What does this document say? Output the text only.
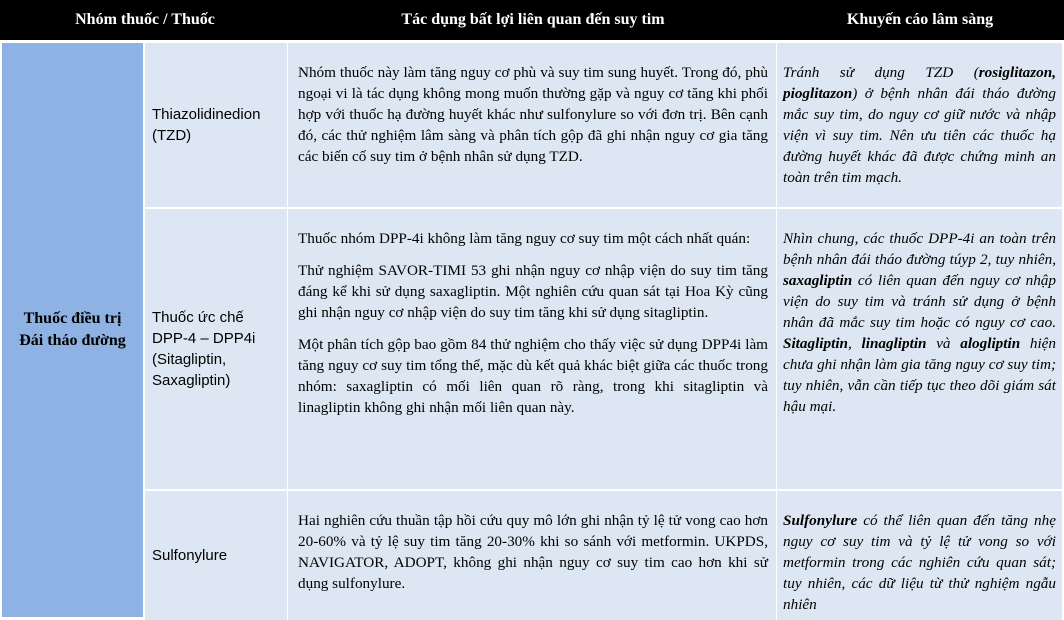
Nhóm thuốc / Thuốc	Tác dụng bất lợi liên quan đến suy tim	Khuyến cáo lâm sàng
Thuốc điều trị
Đái tháo đường
Thiazolidinedion
(TZD)

Nhóm thuốc này làm tăng nguy cơ phù và suy tim sung huyết. Trong đó, phù ngoại vi là tác dụng không mong muốn thường gặp và nguy cơ tăng khi phối hợp với thuốc hạ đường huyết khác như sulfonylure so với đơn trị. Bên cạnh đó, các thử nghiệm lâm sàng và phân tích gộp đã ghi nhận nguy cơ gia tăng các biến cố suy tim ở bệnh nhân sử dụng TZD.

Tránh sử dụng TZD (rosiglitazon, pioglitazon) ở bệnh nhân đái tháo đường mắc suy tim, do nguy cơ giữ nước và nhập viện vì suy tim. Nên ưu tiên các thuốc hạ đường huyết khác đã được chứng minh an toàn trên tim mạch.
Thuốc ức chế
DPP-4 – DPP4i
(Sitagliptin,
Saxagliptin)

Thuốc nhóm DPP-4i không làm tăng nguy cơ suy tim một cách nhất quán:

Thử nghiệm SAVOR-TIMI 53 ghi nhận nguy cơ nhập viện do suy tim tăng đáng kể khi sử dụng saxagliptin. Một nghiên cứu quan sát tại Hoa Kỳ cũng ghi nhận nguy cơ nhập viện do suy tim tăng khi sử dụng sitagliptin.

Một phân tích gộp bao gồm 84 thử nghiệm cho thấy việc sử dụng DPP4i làm tăng nguy cơ suy tim tổng thể, mặc dù kết quả khác biệt giữa các thuốc trong nhóm: saxagliptin có mối liên quan rõ ràng, trong khi sitagliptin và linagliptin không ghi nhận mối liên quan này.

Nhìn chung, các thuốc DPP-4i an toàn trên bệnh nhân đái tháo đường túyp 2, tuy nhiên, saxagliptin có liên quan đến nguy cơ nhập viện do suy tim và tránh sử dụng ở bệnh nhân đã mắc suy tim hoặc có nguy cơ cao. Sitagliptin, linagliptin và alogliptin hiện chưa ghi nhận làm gia tăng nguy cơ suy tim; tuy nhiên, vẫn cần tiếp tục theo dõi giám sát hậu mại.
Sulfonylure

Hai nghiên cứu thuần tập hồi cứu quy mô lớn ghi nhận tỷ lệ tử vong cao hơn 20-60% và tỷ lệ suy tim tăng 20-30% khi so sánh với metformin. UKPDS, NAVIGATOR, ADOPT, không ghi nhận nguy cơ suy tim cao hơn khi sử dụng sulfonylure.

Sulfonylure có thể liên quan đến tăng nhẹ nguy cơ suy tim và tỷ lệ tử vong so với metformin trong các nghiên cứu quan sát; tuy nhiên, các dữ liệu từ thử nghiệm ngẫu nhiên
